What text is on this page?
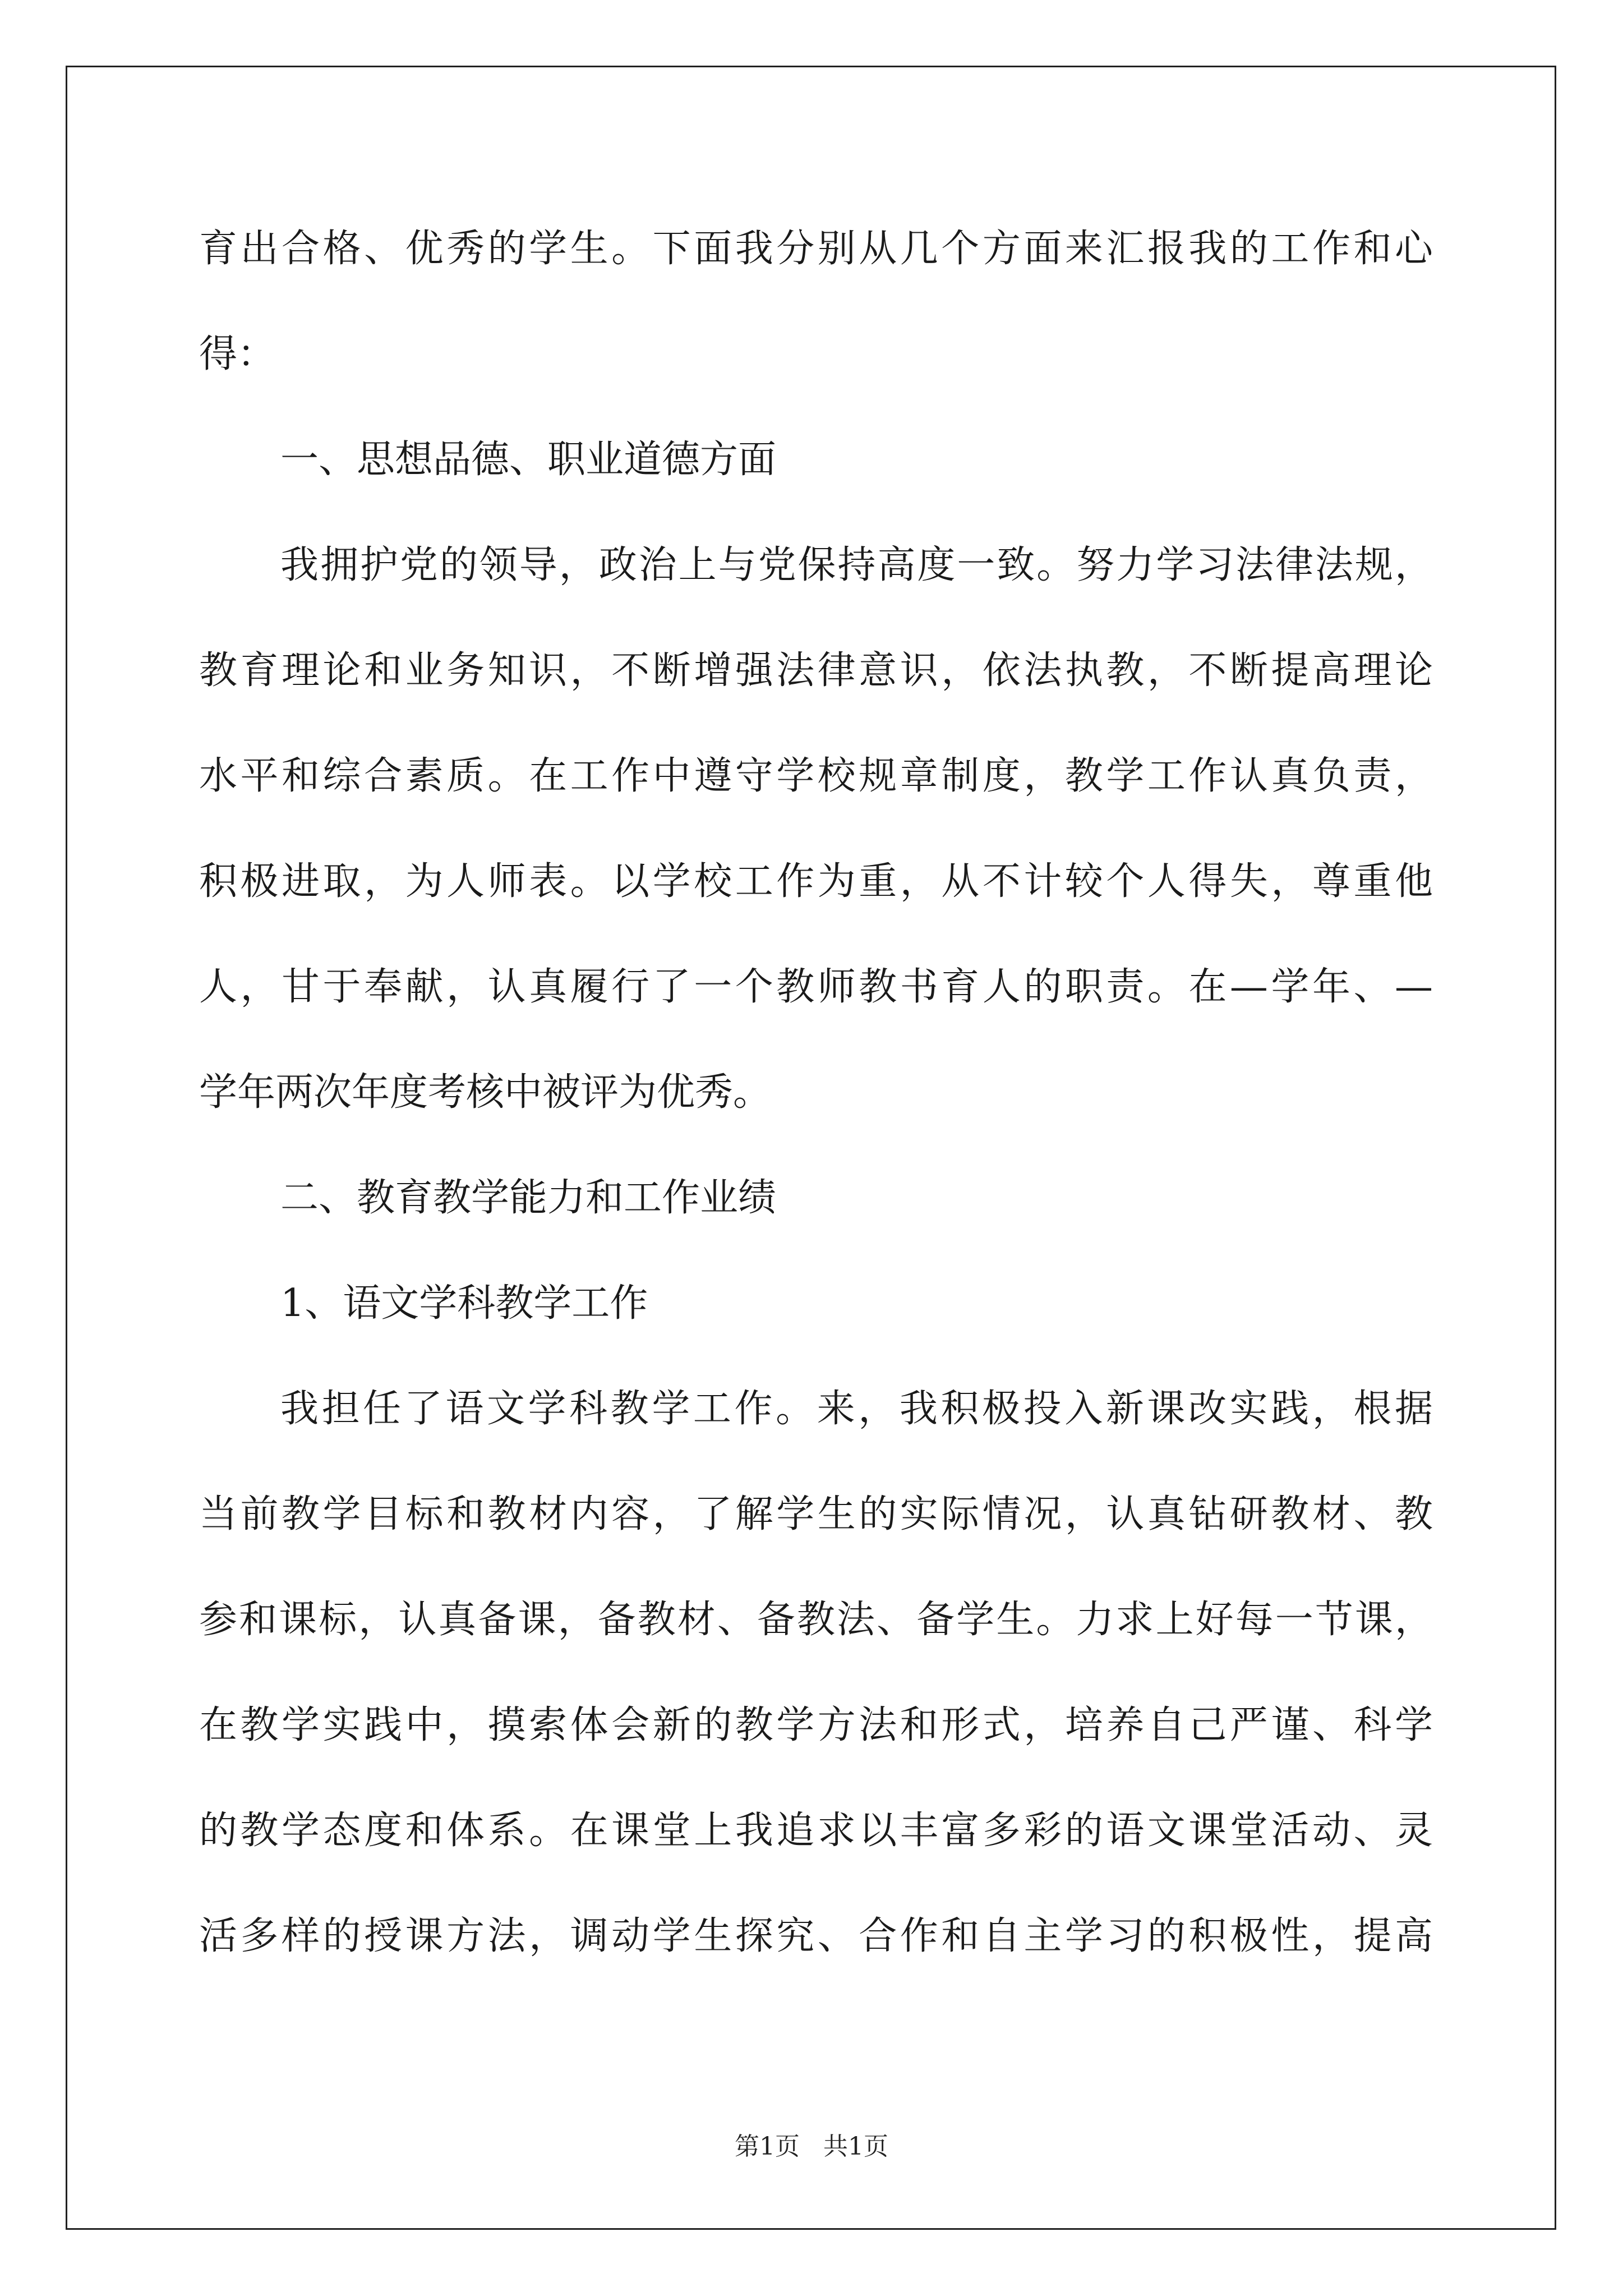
育出合格、优秀的学生。下面我分别从几个方面来汇报我的工作和心
得：
一、思想品德、职业道德方面
我拥护党的领导，政治上与党保持高度一致。努力学习法律法规，
教育理论和业务知识，不断增强法律意识，依法执教，不断提高理论
水平和综合素质。在工作中遵守学校规章制度，教学工作认真负责，
积极进取，为人师表。以学校工作为重，从不计较个人得失，尊重他
人，甘于奉献，认真履行了一个教师教书育人的职责。在—学年、—
学年两次年度考核中被评为优秀。
二、教育教学能力和工作业绩
1、语文学科教学工作
我担任了语文学科教学工作。来，我积极投入新课改实践，根据
当前教学目标和教材内容，了解学生的实际情况，认真钻研教材、教
参和课标，认真备课，备教材、备教法、备学生。力求上好每一节课，
在教学实践中，摸索体会新的教学方法和形式，培养自己严谨、科学
的教学态度和体系。在课堂上我追求以丰富多彩的语文课堂活动、灵
活多样的授课方法，调动学生探究、合作和自主学习的积极性，提高
第1页   共1页
